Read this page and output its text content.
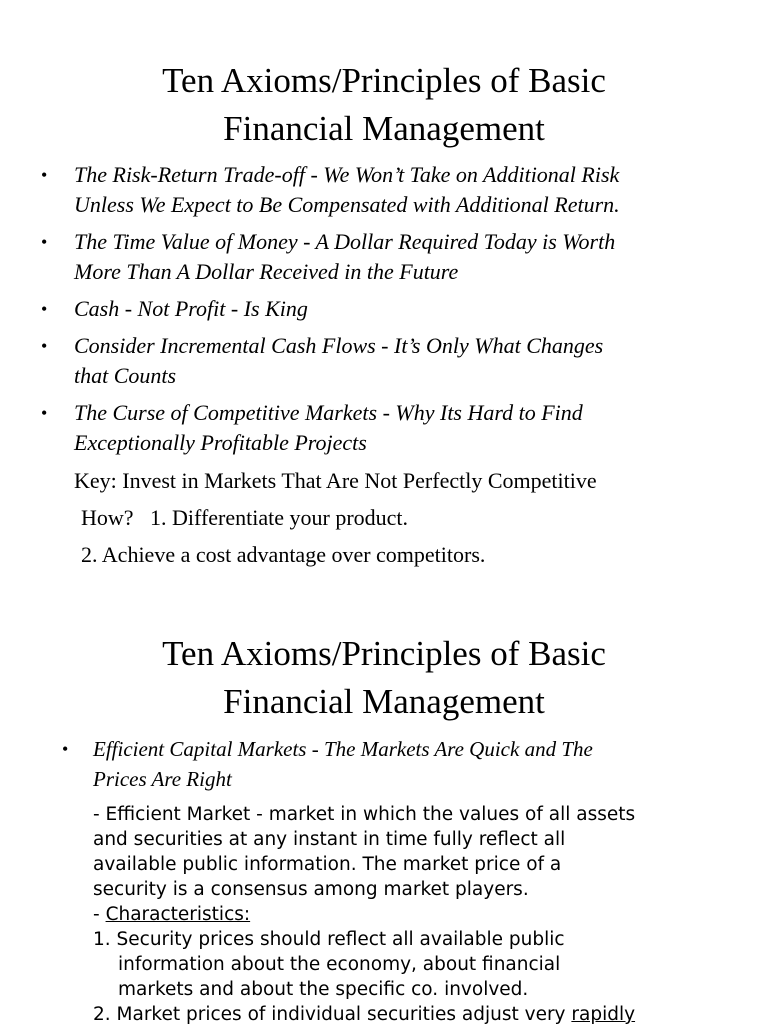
Ten Axioms/Principles of Basic
Financial Management
• The Risk-Return Trade-off - We Won’t Take on Additional Risk
Unless We Expect to Be Compensated with Additional Return.
• The Time Value of Money - A Dollar Required Today is Worth
More Than A Dollar Received in the Future
• Cash - Not Profit - Is King
• Consider Incremental Cash Flows - It’s Only What Changes
that Counts
• The Curse of Competitive Markets - Why Its Hard to Find
Exceptionally Profitable Projects
Key: Invest in Markets That Are Not Perfectly Competitive
How?   1. Differentiate your product.
2. Achieve a cost advantage over competitors.
Ten Axioms/Principles of Basic
Financial Management
• Efficient Capital Markets - The Markets Are Quick and The
Prices Are Right
- Efficient Market - market in which the values of all assets
and securities at any instant in time fully reflect all
available public information. The market price of a
security is a consensus among market players.
- Characteristics:
1. Security prices should reflect all available public
information about the economy, about financial
markets and about the specific co. involved.
2. Market prices of individual securities adjust very rapidly
